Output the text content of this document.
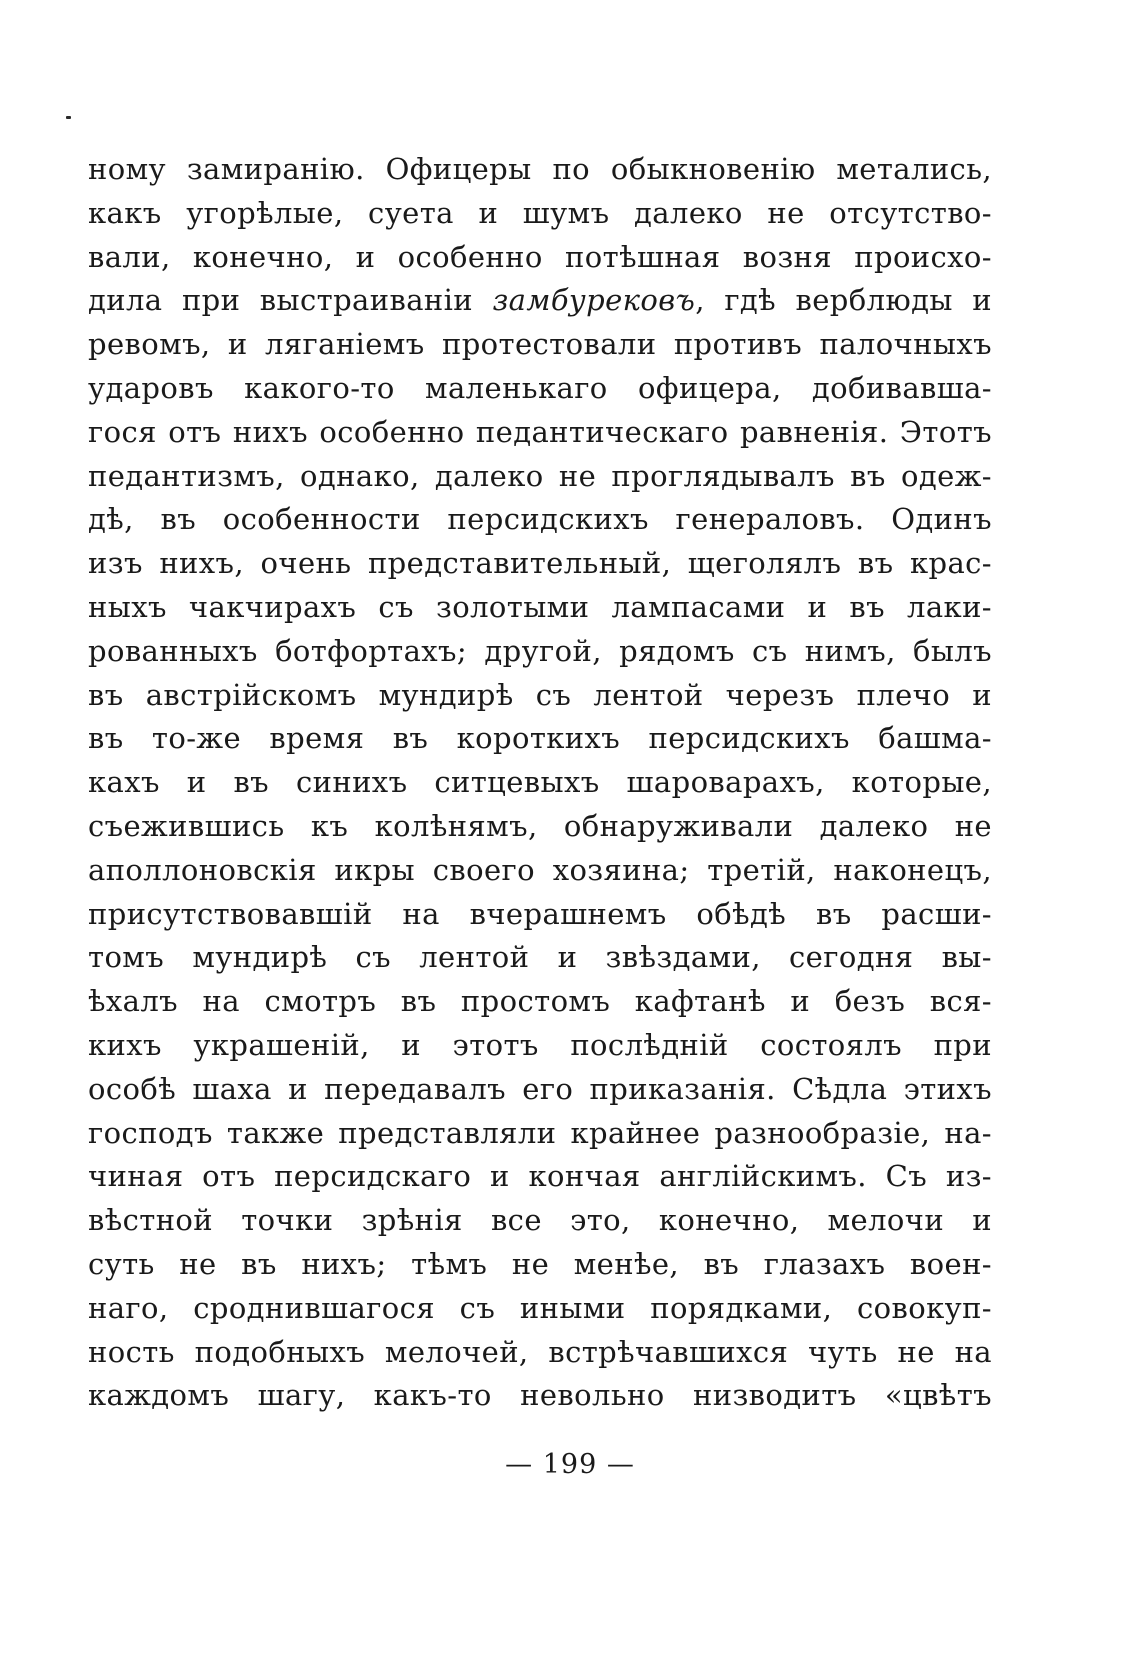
ному замиранію. Офицеры по обыкновенію метались,
какъ угорѣлые, суета и шумъ далеко не отсутство-
вали, конечно, и особенно потѣшная возня происхо-
дила при выстраиваніи замбурековъ, гдѣ верблюды и
ревомъ, и ляганіемъ протестовали противъ палочныхъ
ударовъ какого-то маленькаго офицера, добивавша-
гося отъ нихъ особенно педантическаго равненія. Этотъ
педантизмъ, однако, далеко не проглядывалъ въ одеж-
дѣ, въ особенности персидскихъ генераловъ. Одинъ
изъ нихъ, очень представительный, щеголялъ въ крас-
ныхъ чакчирахъ съ золотыми лампасами и въ лаки-
рованныхъ ботфортахъ; другой, рядомъ съ нимъ, былъ
въ австрійскомъ мундирѣ съ лентой черезъ плечо и
въ то-же время въ короткихъ персидскихъ башма-
кахъ и въ синихъ ситцевыхъ шароварахъ, которые,
съежившись къ колѣнямъ, обнаруживали далеко не
аполлоновскія икры своего хозяина; третій, наконецъ,
присутствовавшій на вчерашнемъ обѣдѣ въ расши-
томъ мундирѣ съ лентой и звѣздами, сегодня вы-
ѣхалъ на смотръ въ простомъ кафтанѣ и безъ вся-
кихъ украшеній, и этотъ послѣдній состоялъ при
особѣ шаха и передавалъ его приказанія. Сѣдла этихъ
господъ также представляли крайнее разнообразіе, на-
чиная отъ персидскаго и кончая англійскимъ. Съ из-
вѣстной точки зрѣнія все это, конечно, мелочи и
суть не въ нихъ; тѣмъ не менѣе, въ глазахъ воен-
наго, сроднившагося съ иными порядками, совокуп-
ность подобныхъ мелочей, встрѣчавшихся чуть не на
каждомъ шагу, какъ-то невольно низводитъ «цвѣтъ
— 199 —
